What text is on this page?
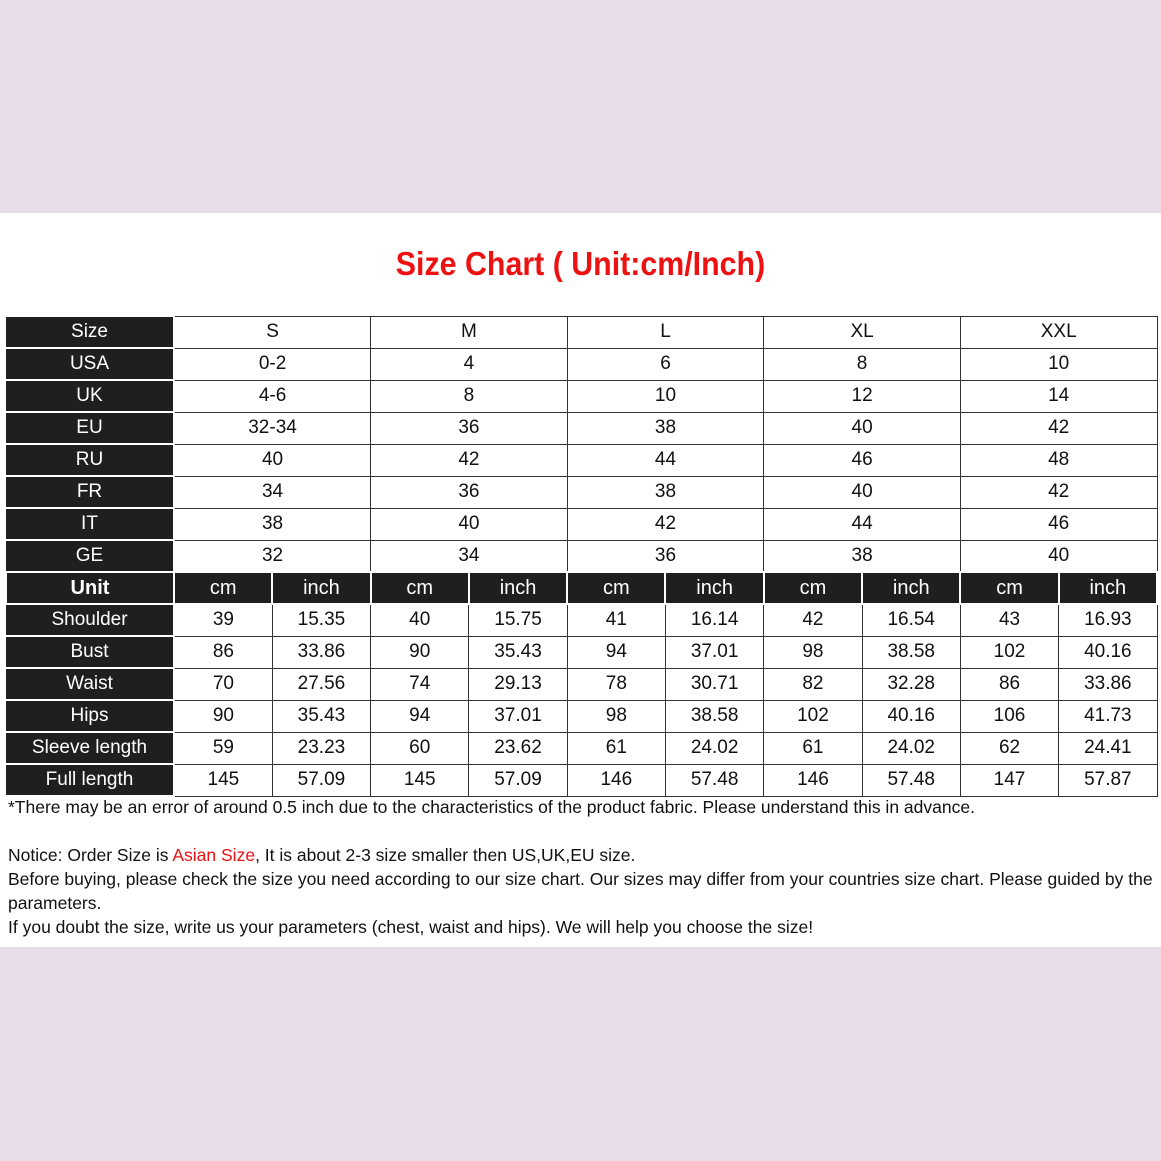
Size Chart ( Unit:cm/Inch)
Size	S		M		L		XL		XXL	
USA	0-2		4		6		8		10	
UK	4-6		8		10		12		14	
EU	32-34		36		38		40		42	
RU	40		42		44		46		48	
FR	34		36		38		40		42	
IT	38		40		42		44		46	
GE	32		34		36		38		40	
Unit	cm	inch	cm	inch	cm	inch	cm	inch	cm	inch
Shoulder	39	15.35	40	15.75	41	16.14	42	16.54	43	16.93
Bust	86	33.86	90	35.43	94	37.01	98	38.58	102	40.16
Waist	70	27.56	74	29.13	78	30.71	82	32.28	86	33.86
Hips	90	35.43	94	37.01	98	38.58	102	40.16	106	41.73
Sleeve length	59	23.23	60	23.62	61	24.02	61	24.02	62	24.41
Full length	145	57.09	145	57.09	146	57.48	146	57.48	147	57.87

*There may be an error of around 0.5 inch due to the characteristics of the product fabric. Please understand this in advance.

Notice: Order Size is Asian Size, It is about 2-3 size smaller then US,UK,EU size.

Before buying, please check the size you need according to our size chart. Our sizes may differ from your countries size chart. Please guided by the parameters.

If you doubt the size, write us your parameters (chest, waist and hips). We will help you choose the size!
